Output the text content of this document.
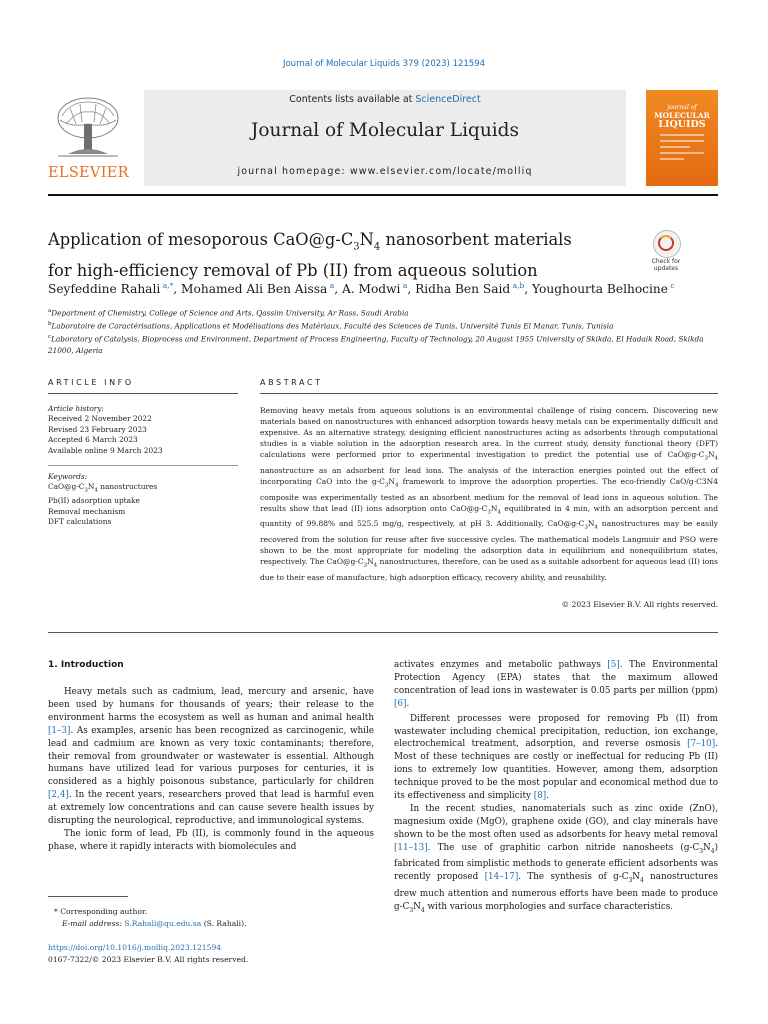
Journal of Molecular Liquids 379 (2023) 121594
ELSEVIER
Contents lists available at ScienceDirect
Journal of Molecular Liquids
journal homepage: www.elsevier.com/locate/molliq
journal of
MOLECULAR
LIQUIDS
Application of mesoporous $CaO@g-C_3N_4$ nanosorbent materials
for high-efficiency removal of Pb (II) from aqueous solution	Check for
updates
Seyfeddine Rahali  $^{a,*}$, Mohamed Ali Ben Aissa  $^a$, A. Modwi  $^a$, Ridha Ben Said  $^{a,b}$, Youghourta Belhocine  $^c$
$^a$Department of Chemistry, College of Science and Arts, Qassim University, Ar Rass, Saudi Arabia
$^b$Laboratoire de Caractérisations, Applications et Modélisations des Matériaux, Faculté des Sciences de Tunis, Université Tunis El Manar, Tunis, Tunisia
$^c$Laboratory of Catalysis, Bioprocess and Environment, Department of Process Engineering, Faculty of Technology, 20 August 1955 University of Skikda, El Hadaik Road, Skikda 21000, Algeria
ARTICLE INFO	ABSTRACT
Article history:
Received 2 November 2022
Revised 23 February 2023
Accepted 6 March 2023
Available online 9 March 2023
Keywords:
$CaO@g-C_3N_4$ nanostructures
Pb(II) adsorption uptake
Removal mechanism
DFT calculations
Removing heavy metals from aqueous solutions is an environmental challenge of rising concern. Discovering new materials based on nanostructures with enhanced adsorption towards heavy metals can be experimentally difficult and expensive. As an alternative strategy, designing efficient nanostructures acting as adsorbents through computational studies is a viable solution in the adsorption research area. In the current study, density functional theory (DFT) calculations were performed prior to experimental investigation to predict the potential use of $CaO@g-C_3N_4$ nanostructure as an adsorbent for lead ions. The analysis of the interaction energies pointed out the effect of incorporating CaO into the $g-C_3N_4$ framework to improve the adsorption properties. The eco-friendly CaO/g-C3N4 composite was experimentally tested as an absorbent medium for the removal of lead ions in aqueous solution. The results show that lead (II) ions adsorption onto $CaO@g-C_3N_4$ equilibrated in 4 min, with an adsorption percent and quantity of 99.88% and 525.5 mg/g, respectively, at pH 3. Additionally, $CaO@g-C_3N_4$ nanostructures may be easily recovered from the solution for reuse after five successive cycles. The mathematical models Langmuir and PSO were shown to be the most appropriate for modeling the adsorption data in equilibrium and nonequilibrium states, respectively. The $CaO@g-C_3N_4$ nanostructures, therefore, can be used as a suitable adsorbent for aqueous lead (II) ions due to their ease of manufacture, high adsorption efficacy, recovery ability, and reusability.
© 2023 Elsevier B.V. All rights reserved.
1. Introduction

Heavy metals such as cadmium, lead, mercury and arsenic, have been used by humans for thousands of years; their release to the environment harms the ecosystem as well as human and animal health [1–3]. As examples, arsenic has been recognized as carcinogenic, while lead and cadmium are known as very toxic contaminants; therefore, their removal from groundwater or wastewater is essential. Although humans have utilized lead for various purposes for centuries, it is considered as a highly poisonous substance, particularly for children [2,4]. In the recent years, researchers proved that lead is harmful even at extremely low concentrations and can cause severe health issues by disrupting the neurological, reproductive, and immunological systems.

The ionic form of lead, Pb (II), is commonly found in the aqueous phase, where it rapidly interacts with biomolecules and

activates enzymes and metabolic pathways [5]. The Environmental Protection Agency (EPA) states that the maximum allowed concentration of lead ions in wastewater is 0.05 parts per million (ppm) [6].

Different processes were proposed for removing Pb (II) from wastewater including chemical precipitation, reduction, ion exchange, electrochemical treatment, adsorption, and reverse osmosis [7–10]. Most of these techniques are costly or ineffectual for reducing Pb (II) ions to extremely low quantities. However, among them, adsorption technique proved to be the most popular and economical method due to its effectiveness and simplicity [8].

In the recent studies, nanomaterials such as zinc oxide (ZnO), magnesium oxide (MgO), graphene oxide (GO), and clay minerals have shown to be the most often used as adsorbents for heavy metal removal [11–13]. The use of graphitic carbon nitride nanosheets $(g-C_3N_4)$ fabricated from simplistic methods to generate efficient adsorbents was recently proposed [14–17]. The synthesis of $g-C_3N_4$ nanostructures drew much attention and numerous efforts have been made to produce $g-C_3N_4$ with various morphologies and surface characteristics.

* Corresponding author.
E-mail address: S.Rahali@qu.edu.sa (S. Rahali).
https://doi.org/10.1016/j.molliq.2023.121594
0167-7322/© 2023 Elsevier B.V. All rights reserved.
